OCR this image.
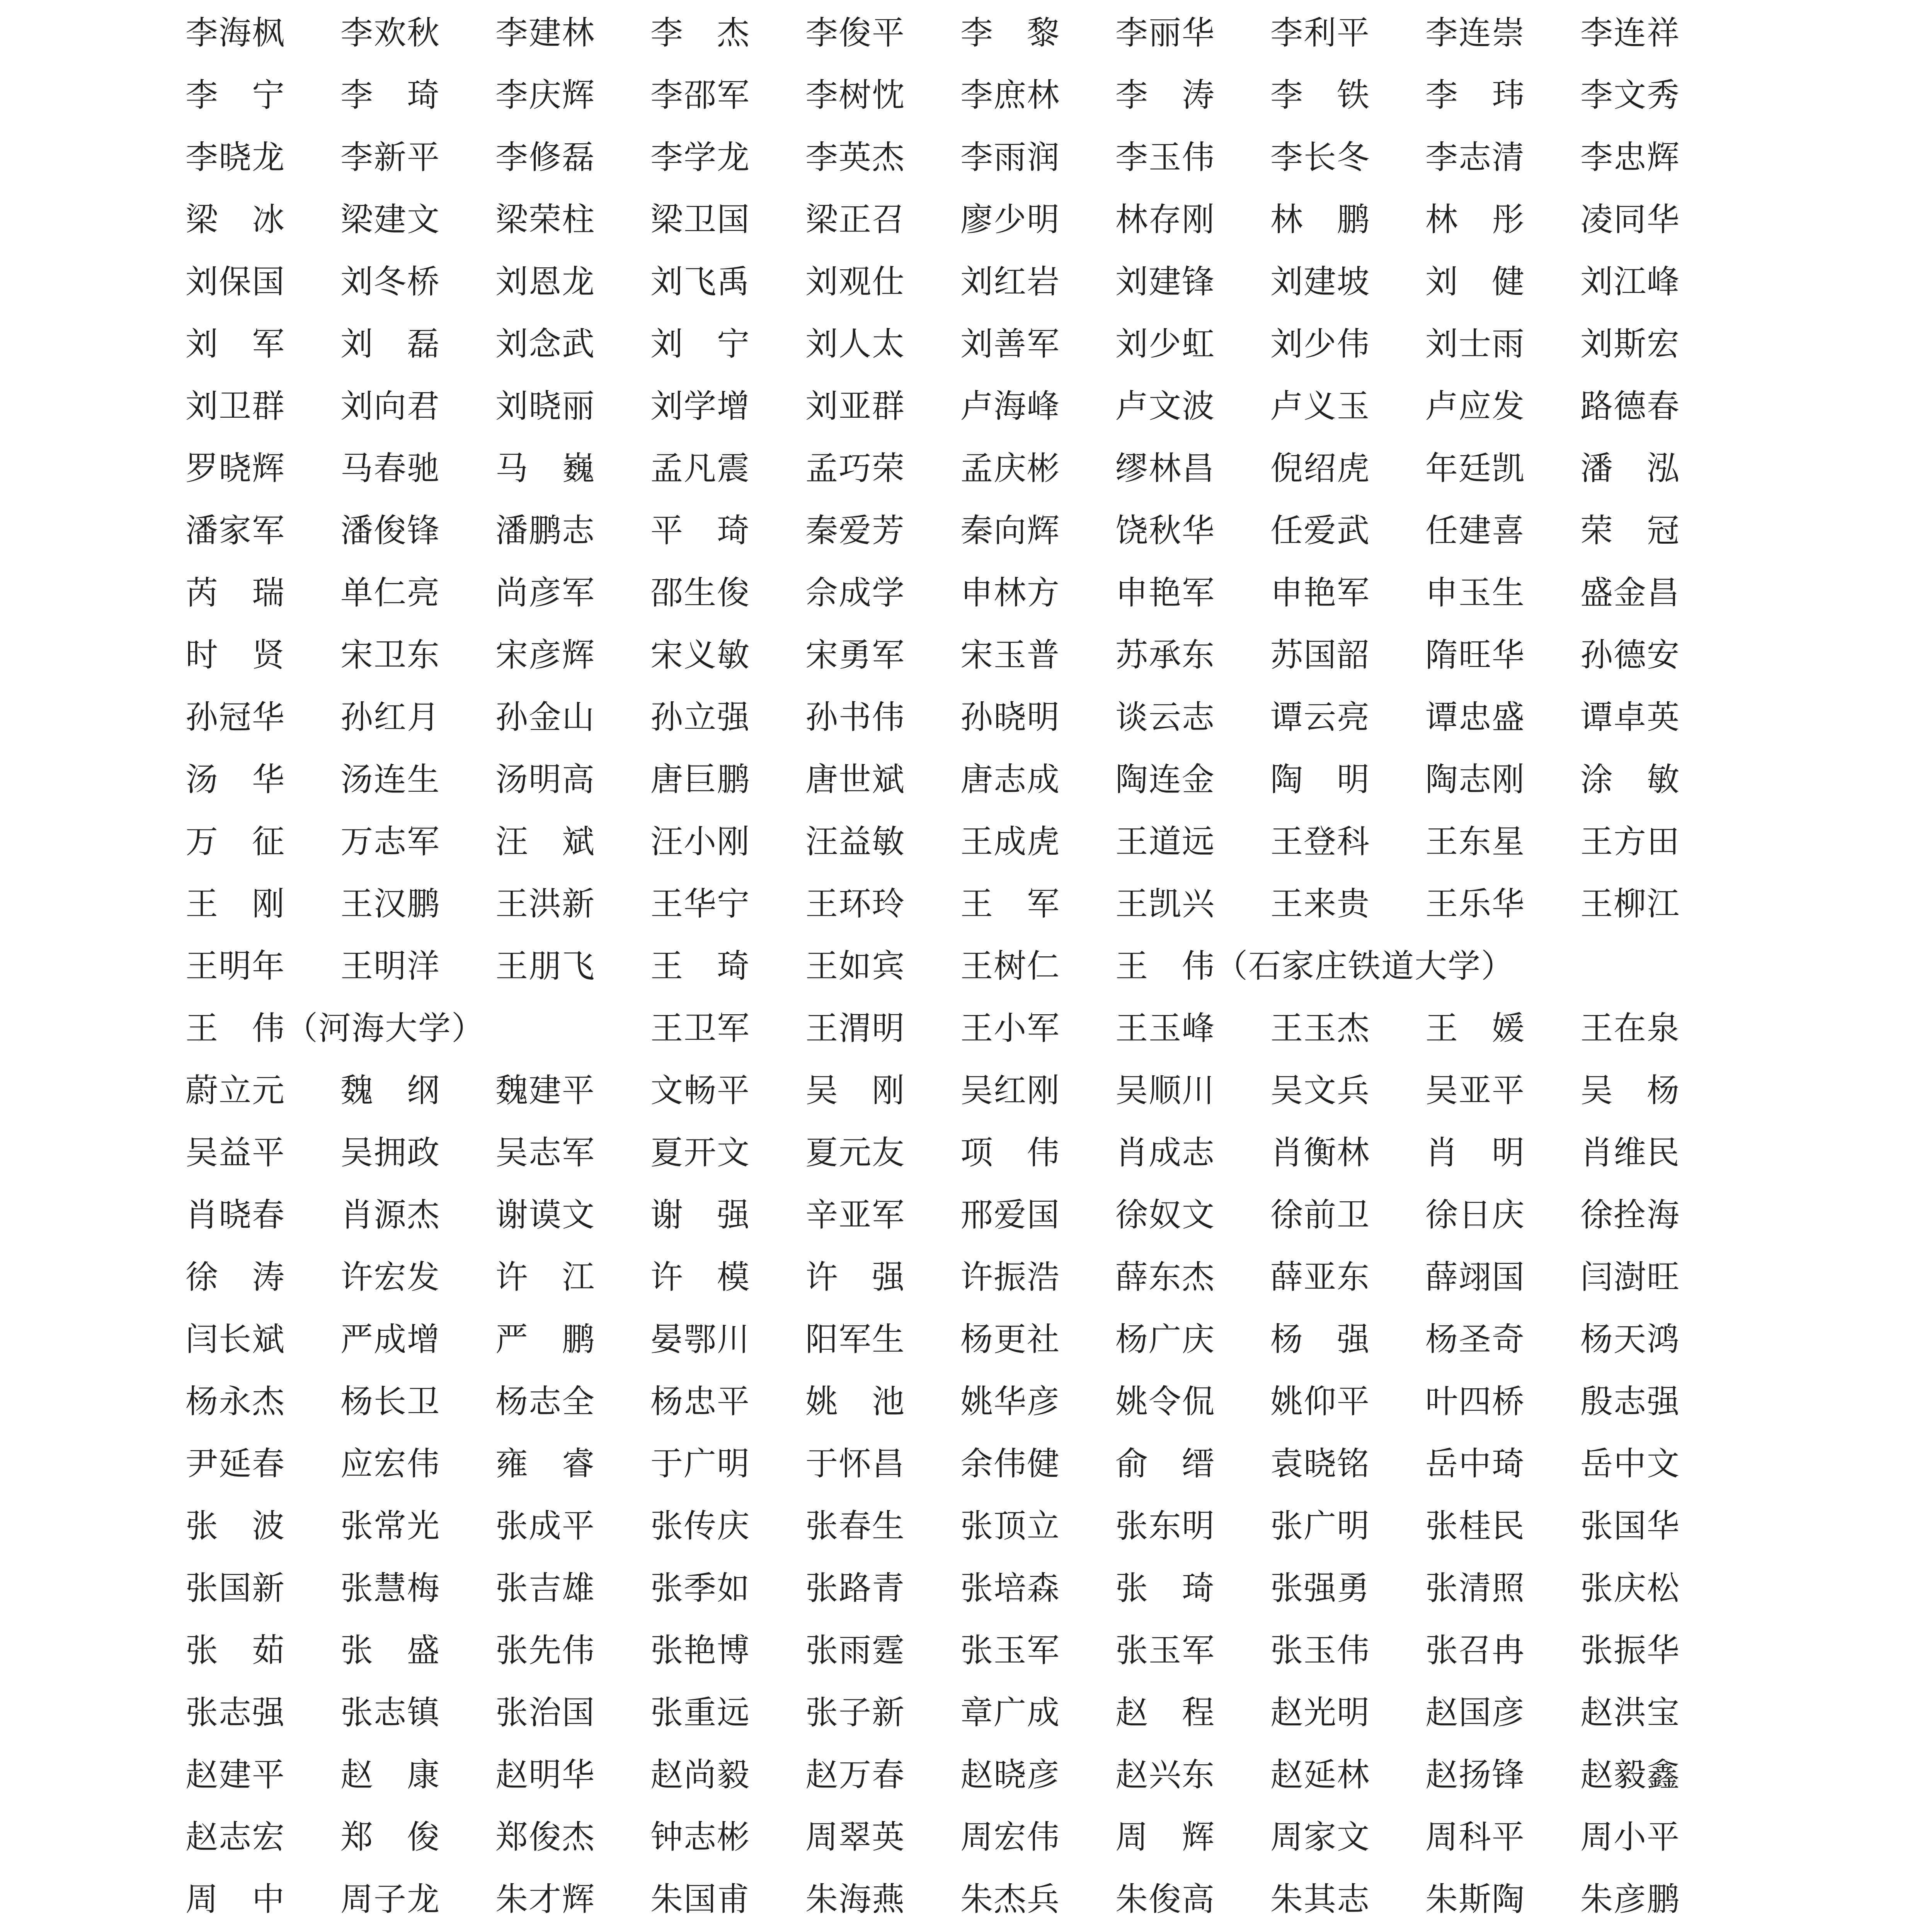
李海枫 李欢秋 李建林 李　杰 李俊平 李　黎 李丽华 李利平 李连崇 李连祥
李　宁 李　琦 李庆辉 李邵军 李树忱 李庶林 李　涛 李　铁 李　玮 李文秀
李晓龙 李新平 李修磊 李学龙 李英杰 李雨润 李玉伟 李长冬 李志清 李忠辉
梁　冰 梁建文 梁荣柱 梁卫国 梁正召 廖少明 林存刚 林　鹏 林　彤 凌同华
刘保国 刘冬桥 刘恩龙 刘飞禹 刘观仕 刘红岩 刘建锋 刘建坡 刘　健 刘江峰
刘　军 刘　磊 刘念武 刘　宁 刘人太 刘善军 刘少虹 刘少伟 刘士雨 刘斯宏
刘卫群 刘向君 刘晓丽 刘学增 刘亚群 卢海峰 卢文波 卢义玉 卢应发 路德春
罗晓辉 马春驰 马　巍 孟凡震 孟巧荣 孟庆彬 缪林昌 倪绍虎 年廷凯 潘　泓
潘家军 潘俊锋 潘鹏志 平　琦 秦爱芳 秦向辉 饶秋华 任爱武 任建喜 荣　冠
芮　瑞 单仁亮 尚彦军 邵生俊 佘成学 申林方 申艳军 申艳军 申玉生 盛金昌
时　贤 宋卫东 宋彦辉 宋义敏 宋勇军 宋玉普 苏承东 苏国韶 隋旺华 孙德安
孙冠华 孙红月 孙金山 孙立强 孙书伟 孙晓明 谈云志 谭云亮 谭忠盛 谭卓英
汤　华 汤连生 汤明高 唐巨鹏 唐世斌 唐志成 陶连金 陶　明 陶志刚 涂　敏
万　征 万志军 汪　斌 汪小刚 汪益敏 王成虎 王道远 王登科 王东星 王方田
王　刚 王汉鹏 王洪新 王华宁 王环玲 王　军 王凯兴 王来贵 王乐华 王柳江
王明年 王明洋 王朋飞 王　琦 王如宾 王树仁 王　伟（石家庄铁道大学）
王　伟（河海大学）	王卫军 王渭明 王小军 王玉峰 王玉杰 王　媛 王在泉
蔚立元 魏　纲 魏建平 文畅平 吴　刚 吴红刚 吴顺川 吴文兵 吴亚平 吴　杨
吴益平 吴拥政 吴志军 夏开文 夏元友 项　伟 肖成志 肖衡林 肖　明 肖维民
肖晓春 肖源杰 谢谟文 谢　强 辛亚军 邢爱国 徐奴文 徐前卫 徐日庆 徐拴海
徐　涛 许宏发 许　江 许　模 许　强 许振浩 薛东杰 薛亚东 薛翊国 闫澍旺
闫长斌 严成增 严　鹏 晏鄂川 阳军生 杨更社 杨广庆 杨　强 杨圣奇 杨天鸿
杨永杰 杨长卫 杨志全 杨忠平 姚　池 姚华彦 姚令侃 姚仰平 叶四桥 殷志强
尹延春 应宏伟 雍　睿 于广明 于怀昌 余伟健 俞　缙 袁晓铭 岳中琦 岳中文
张　波 张常光 张成平 张传庆 张春生 张顶立 张东明 张广明 张桂民 张国华
张国新 张慧梅 张吉雄 张季如 张路青 张培森 张　琦 张强勇 张清照 张庆松
张　茹 张　盛 张先伟 张艳博 张雨霆 张玉军 张玉军 张玉伟 张召冉 张振华
张志强 张志镇 张治国 张重远 张子新 章广成 赵　程 赵光明 赵国彦 赵洪宝
赵建平 赵　康 赵明华 赵尚毅 赵万春 赵晓彦 赵兴东 赵延林 赵扬锋 赵毅鑫
赵志宏 郑　俊 郑俊杰 钟志彬 周翠英 周宏伟 周　辉 周家文 周科平 周小平
周　中 周子龙 朱才辉 朱国甫 朱海燕 朱杰兵 朱俊高 朱其志 朱斯陶 朱彦鹏
